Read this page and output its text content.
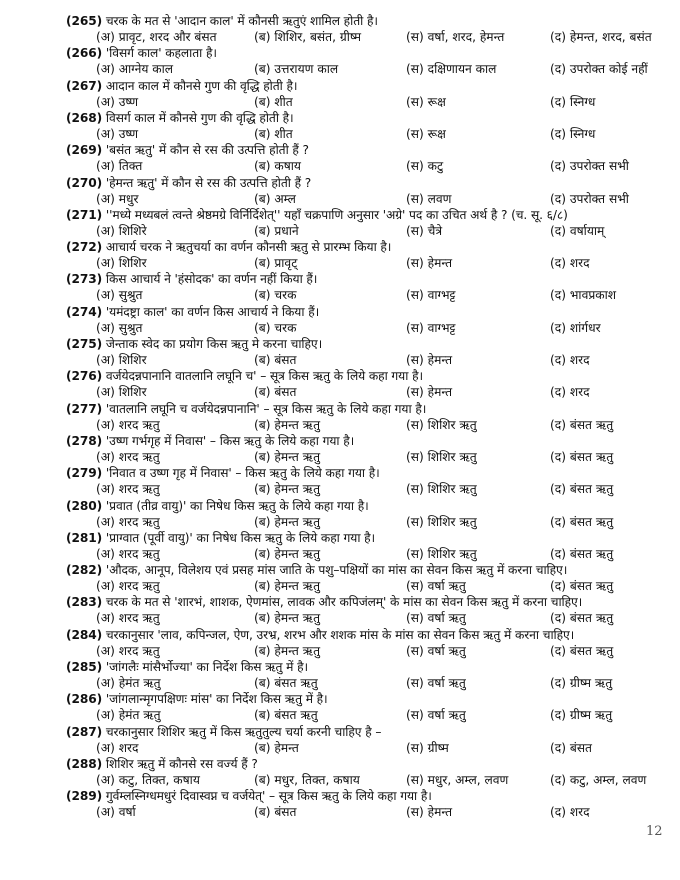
(265) चरक के मत से 'आदान काल' में कौनसी ऋतुएं शामिल होती है।
(अ) प्रावृट, शरद और बंसत	(ब) शिशिर, बसंत, ग्रीष्म	(स) वर्षा, शरद, हेमन्त	(द) हेमन्त, शरद, बसंत
(266) 'विसर्ग काल' कहलाता है।
(अ) आग्नेय काल	(ब) उत्तरायण काल	(स) दक्षिणायन काल	(द) उपरोक्त कोई नहीं
(267) आदान काल में कौनसे गुण की वृद्धि होती है।
(अ) उष्ण	(ब) शीत	(स) रूक्ष	(द) स्निग्ध
(268) विसर्ग काल में कौनसे गुण की वृद्धि होती है।
(अ) उष्ण	(ब) शीत	(स) रूक्ष	(द) स्निग्ध
(269) 'बसंत ऋतु' में कौन से रस की उत्पत्ति होती हैं ?
(अ) तिक्त	(ब) कषाय	(स) कटु	(द) उपरोक्त सभी
(270) 'हेमन्त ऋतु' में कौन से रस की उत्पत्ति होती हैं ?
(अ) मधुर	(ब) अम्ल	(स) लवण	(द) उपरोक्त सभी
(271) ''मध्ये मध्यबलं त्वन्ते श्रेष्ठमग्रे विर्निर्दिशेत्'' यहॉं चक्रपाणि अनुसार 'अग्रे' पद का उचित अर्थ है ? (च. सू. ६/८)
(अ) शिशिरे	(ब) प्रधाने	(स) चैत्रे	(द) वर्षायाम्
(272) आचार्य चरक ने ऋतुचर्या का वर्णन कौनसी ऋतु से प्रारम्भ किया है।
(अ) शिशिर	(ब) प्रावृट्	(स) हेमन्त	(द) शरद
(273) किस आचार्य ने 'हंसोदक' का वर्णन नहीं किया हैं।
(अ) सुश्रुत	(ब) चरक	(स) वाग्भट्ट	(द) भावप्रकाश
(274) 'यमंदष्ट्रा काल' का वर्णन किस आचार्य ने किया हैं।
(अ) सुश्रुत	(ब) चरक	(स) वाग्भट्ट	(द) शांर्गधर
(275) जेन्ताक स्वेद का प्रयोग किस ऋतु मे करना चाहिए।
(अ) शिशिर	(ब) बंसत	(स) हेमन्त	(द) शरद
(276) वर्जयेदन्नपानानि वातलानि लघूनि च' – सूत्र किस ऋतु के लिये कहा गया है।
(अ) शिशिर	(ब) बंसत	(स) हेमन्त	(द) शरद
(277) 'वातलानि लघूनि च वर्जयेदन्नपानानि' – सूत्र किस ऋतु के लिये कहा गया है।
(अ) शरद ऋतु	(ब) हेमन्त ऋतु	(स) शिशिर ऋतु	(द) बंसत ऋतु
(278) 'उष्ण गर्भगृह में निवास' – किस ऋतु के लिये कहा गया है।
(अ) शरद ऋतु	(ब) हेमन्त ऋतु	(स) शिशिर ऋतु	(द) बंसत ऋतु
(279) 'निवात व उष्ण गृह में निवास' – किस ऋतु के लिये कहा गया है।
(अ) शरद ऋतु	(ब) हेमन्त ऋतु	(स) शिशिर ऋतु	(द) बंसत ऋतु
(280) 'प्रवात (तीव्र वायु)' का निषेध किस ऋतु के लिये कहा गया है।
(अ) शरद ऋतु	(ब) हेमन्त ऋतु	(स) शिशिर ऋतु	(द) बंसत ऋतु
(281) 'प्राग्वात (पूर्वी वायु)' का निषेध किस ऋतु के लिये कहा गया है।
(अ) शरद ऋतु	(ब) हेमन्त ऋतु	(स) शिशिर ऋतु	(द) बंसत ऋतु
(282) 'औदक, आनूप, विलेशय एवं प्रसह मांस जाति के पशु–पक्षियों का मांस का सेवन किस ऋतु में करना चाहिए।
(अ) शरद ऋतु	(ब) हेमन्त ऋतु	(स) वर्षा ऋतु	(द) बंसत ऋतु
(283) चरक के मत से 'शारभं, शाशक, ऐणमांस, लावक और कपिजंलम्' के मांस का सेवन किस ऋतु में करना चाहिए।
(अ) शरद ऋतु	(ब) हेमन्त ऋतु	(स) वर्षा ऋतु	(द) बंसत ऋतु
(284) चरकानुसार 'लाव, कपिन्जल, ऐण, उरभ्र, शरभ और शशक मांस के मांस का सेवन किस ऋतु में करना चाहिए।
(अ) शरद ऋतु	(ब) हेमन्त ऋतु	(स) वर्षा ऋतु	(द) बंसत ऋतु
(285) 'जांगलैः मांसैर्भोज्या' का निर्देश किस ऋतु में है।
(अ) हेमंत ऋतु	(ब) बंसत ऋतु	(स) वर्षा ऋतु	(द) ग्रीष्म ऋतु
(286) 'जांगलान्मृगपक्षिणः मांस' का निर्देश किस ऋतु में है।
(अ) हेमंत ऋतु	(ब) बंसत ऋतु	(स) वर्षा ऋतु	(द) ग्रीष्म ऋतु
(287) चरकानुसार शिशिर ऋतु में किस ऋतुतुल्य चर्या करनी चाहिए है –
(अ) शरद	(ब) हेमन्त	(स) ग्रीष्म	(द) बंसत
(288) शिशिर ऋतु में कौनसे रस वर्ज्य हैं ?
(अ) कटु, तिक्त, कषाय	(ब) मधुर, तिक्त, कषाय	(स) मधुर, अम्ल, लवण	(द) कटु, अम्ल, लवण
(289) गुर्वम्लस्निग्धमधुरं दिवास्वप्न च वर्जयेत्' – सूत्र किस ऋतु के लिये कहा गया है।
(अ) वर्षा	(ब) बंसत	(स) हेमन्त	(द) शरद
12
